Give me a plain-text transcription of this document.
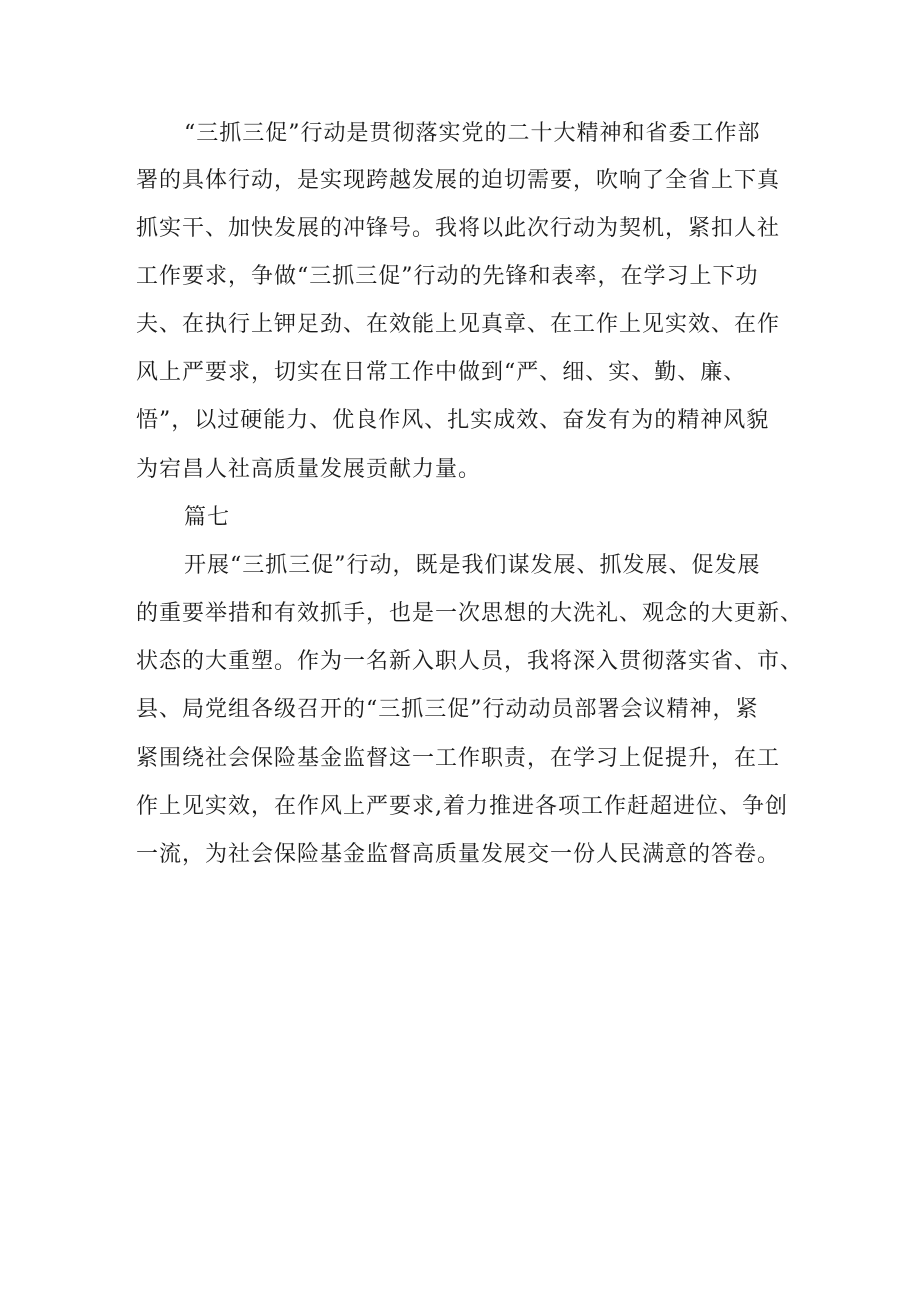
“三抓三促”行动是贯彻落实党的二十大精神和省委工作部
署的具体行动，是实现跨越发展的迫切需要，吹响了全省上下真
抓实干、加快发展的冲锋号。我将以此次行动为契机，紧扣人社
工作要求，争做“三抓三促”行动的先锋和表率，在学习上下功
夫、在执行上钾足劲、在效能上见真章、在工作上见实效、在作
风上严要求，切实在日常工作中做到“严、细、实、勤、廉、
悟”，以过硬能力、优良作风、扎实成效、奋发有为的精神风貌
为宕昌人社高质量发展贡献力量。
篇七
开展“三抓三促”行动，既是我们谋发展、抓发展、促发展
的重要举措和有效抓手，也是一次思想的大洗礼、观念的大更新、
状态的大重塑。作为一名新入职人员，我将深入贯彻落实省、市、
县、局党组各级召开的“三抓三促”行动动员部署会议精神，紧
紧围绕社会保险基金监督这一工作职责，在学习上促提升，在工
作上见实效，在作风上严要求,着力推进各项工作赶超进位、争创
一流，为社会保险基金监督高质量发展交一份人民满意的答卷。
